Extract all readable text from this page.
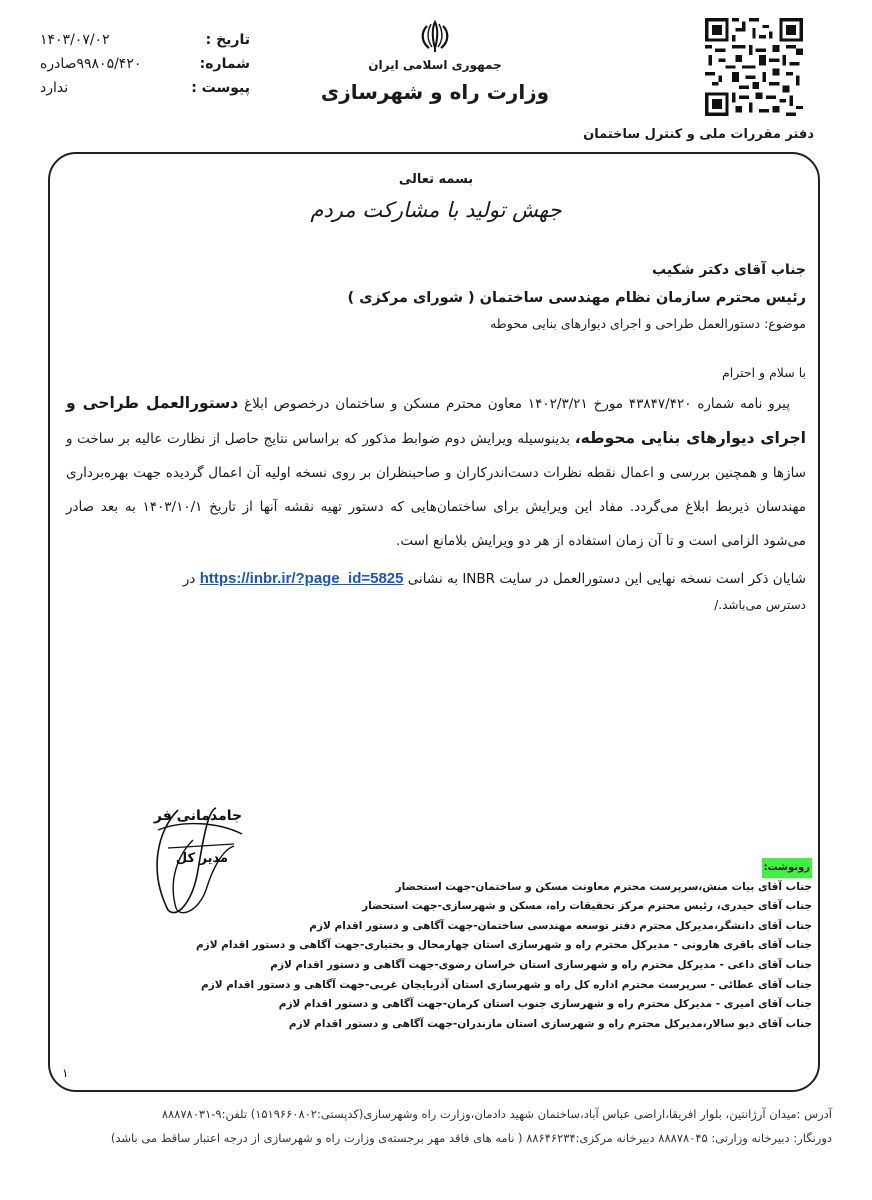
تاریخ :
۱۴۰۳/۰۷/۰۲
شماره:
۹۹۸۰۵/۴۲۰صادره
پیوست :
ندارد
جمهوری اسلامی ایران
وزارت راه و شهرسازی
دفتر مقررات ملی و کنترل ساختمان
بسمه تعالی
جهش تولید با مشارکت مردم
جناب آقای دکتر شکیب
رئیس محترم سازمان نظام مهندسی ساختمان ( شورای مرکزی )
موضوع: دستورالعمل طراحی و اجرای دیوارهای بنایی محوطه
با سلام و احترام
پیرو نامه شماره ۴۳۸۴۷/۴۲۰ مورخ ۱۴۰۲/۳/۲۱ معاون محترم مسکن و ساختمان درخصوص ابلاغ دستورالعمل طراحی و اجرای دیوارهای بنایی محوطه، بدینوسیله ویرایش دوم ضوابط مذکور که براساس نتایج حاصل از نظارت عالیه بر ساخت و سازها و همچنین بررسی و اعمال نقطه نظرات دست‌اندرکاران و صاحبنظران بر روی نسخه اولیه آن اعمال گردیده جهت بهره‌برداری مهندسان ذیربط ابلاغ می‌گردد. مفاد این ویرایش برای ساختمان‌هایی که دستور تهیه نقشه آنها از تاریخ ۱۴۰۳/۱۰/۱ به بعد صادر می‌شود الزامی است و تا آن زمان استفاده از هر دو ویرایش بلامانع است.
شایان ذکر است نسخه نهایی این دستورالعمل در سایت INBR به نشانی https://inbr.ir/?page_id=5825 در
دسترس می‌باشد./
جامدمانی فر
مدیر کل
رونوشت:
جناب آقای بیات منش،سرپرست محترم معاونت مسکن و ساختمان-جهت استحضار
جناب آقای حیدری، رئیس محترم مرکز تحقیقات راه، مسکن و شهرسازی-جهت استحضار
جناب آقای دانشگر،مدیرکل محترم دفتر توسعه مهندسی ساختمان-جهت آگاهی و دستور اقدام لازم
جناب آقای باقری هارونی - مدیرکل محترم راه و شهرسازی استان چهارمحال و بختیاری-جهت آگاهی و دستور اقدام لازم
جناب آقای داعی - مدیرکل محترم راه و شهرسازی استان خراسان رضوی-جهت آگاهی و دستور اقدام لازم
جناب آقای عطائی - سرپرست محترم اداره کل راه و شهرسازی استان آذربایجان غربی-جهت آگاهی و دستور اقدام لازم
جناب آقای امیری - مدیرکل محترم راه و شهرسازی جنوب استان کرمان-جهت آگاهی و دستور اقدام لازم
جناب آقای دیو سالار،مدیرکل محترم راه و شهرسازی استان مازندران-جهت آگاهی و دستور اقدام لازم
۱
آدرس :میدان آرژانتین، بلوار افریقا،اراضی عباس آباد،ساختمان شهید دادمان،وزارت راه وشهرسازی(کدپستی:۱۵۱۹۶۶۰۸۰۲) تلفن:۹-۸۸۸۷۸۰۳۱
دورنگار: دبیرخانه وزارتی: ۸۸۸۷۸۰۴۵ دبیرخانه مرکزی:۸۸۶۴۶۲۳۴ ( نامه های فاقد مهر برجسته‌ی وزارت راه و شهرسازی از درجه اعتبار ساقط می باشد)
